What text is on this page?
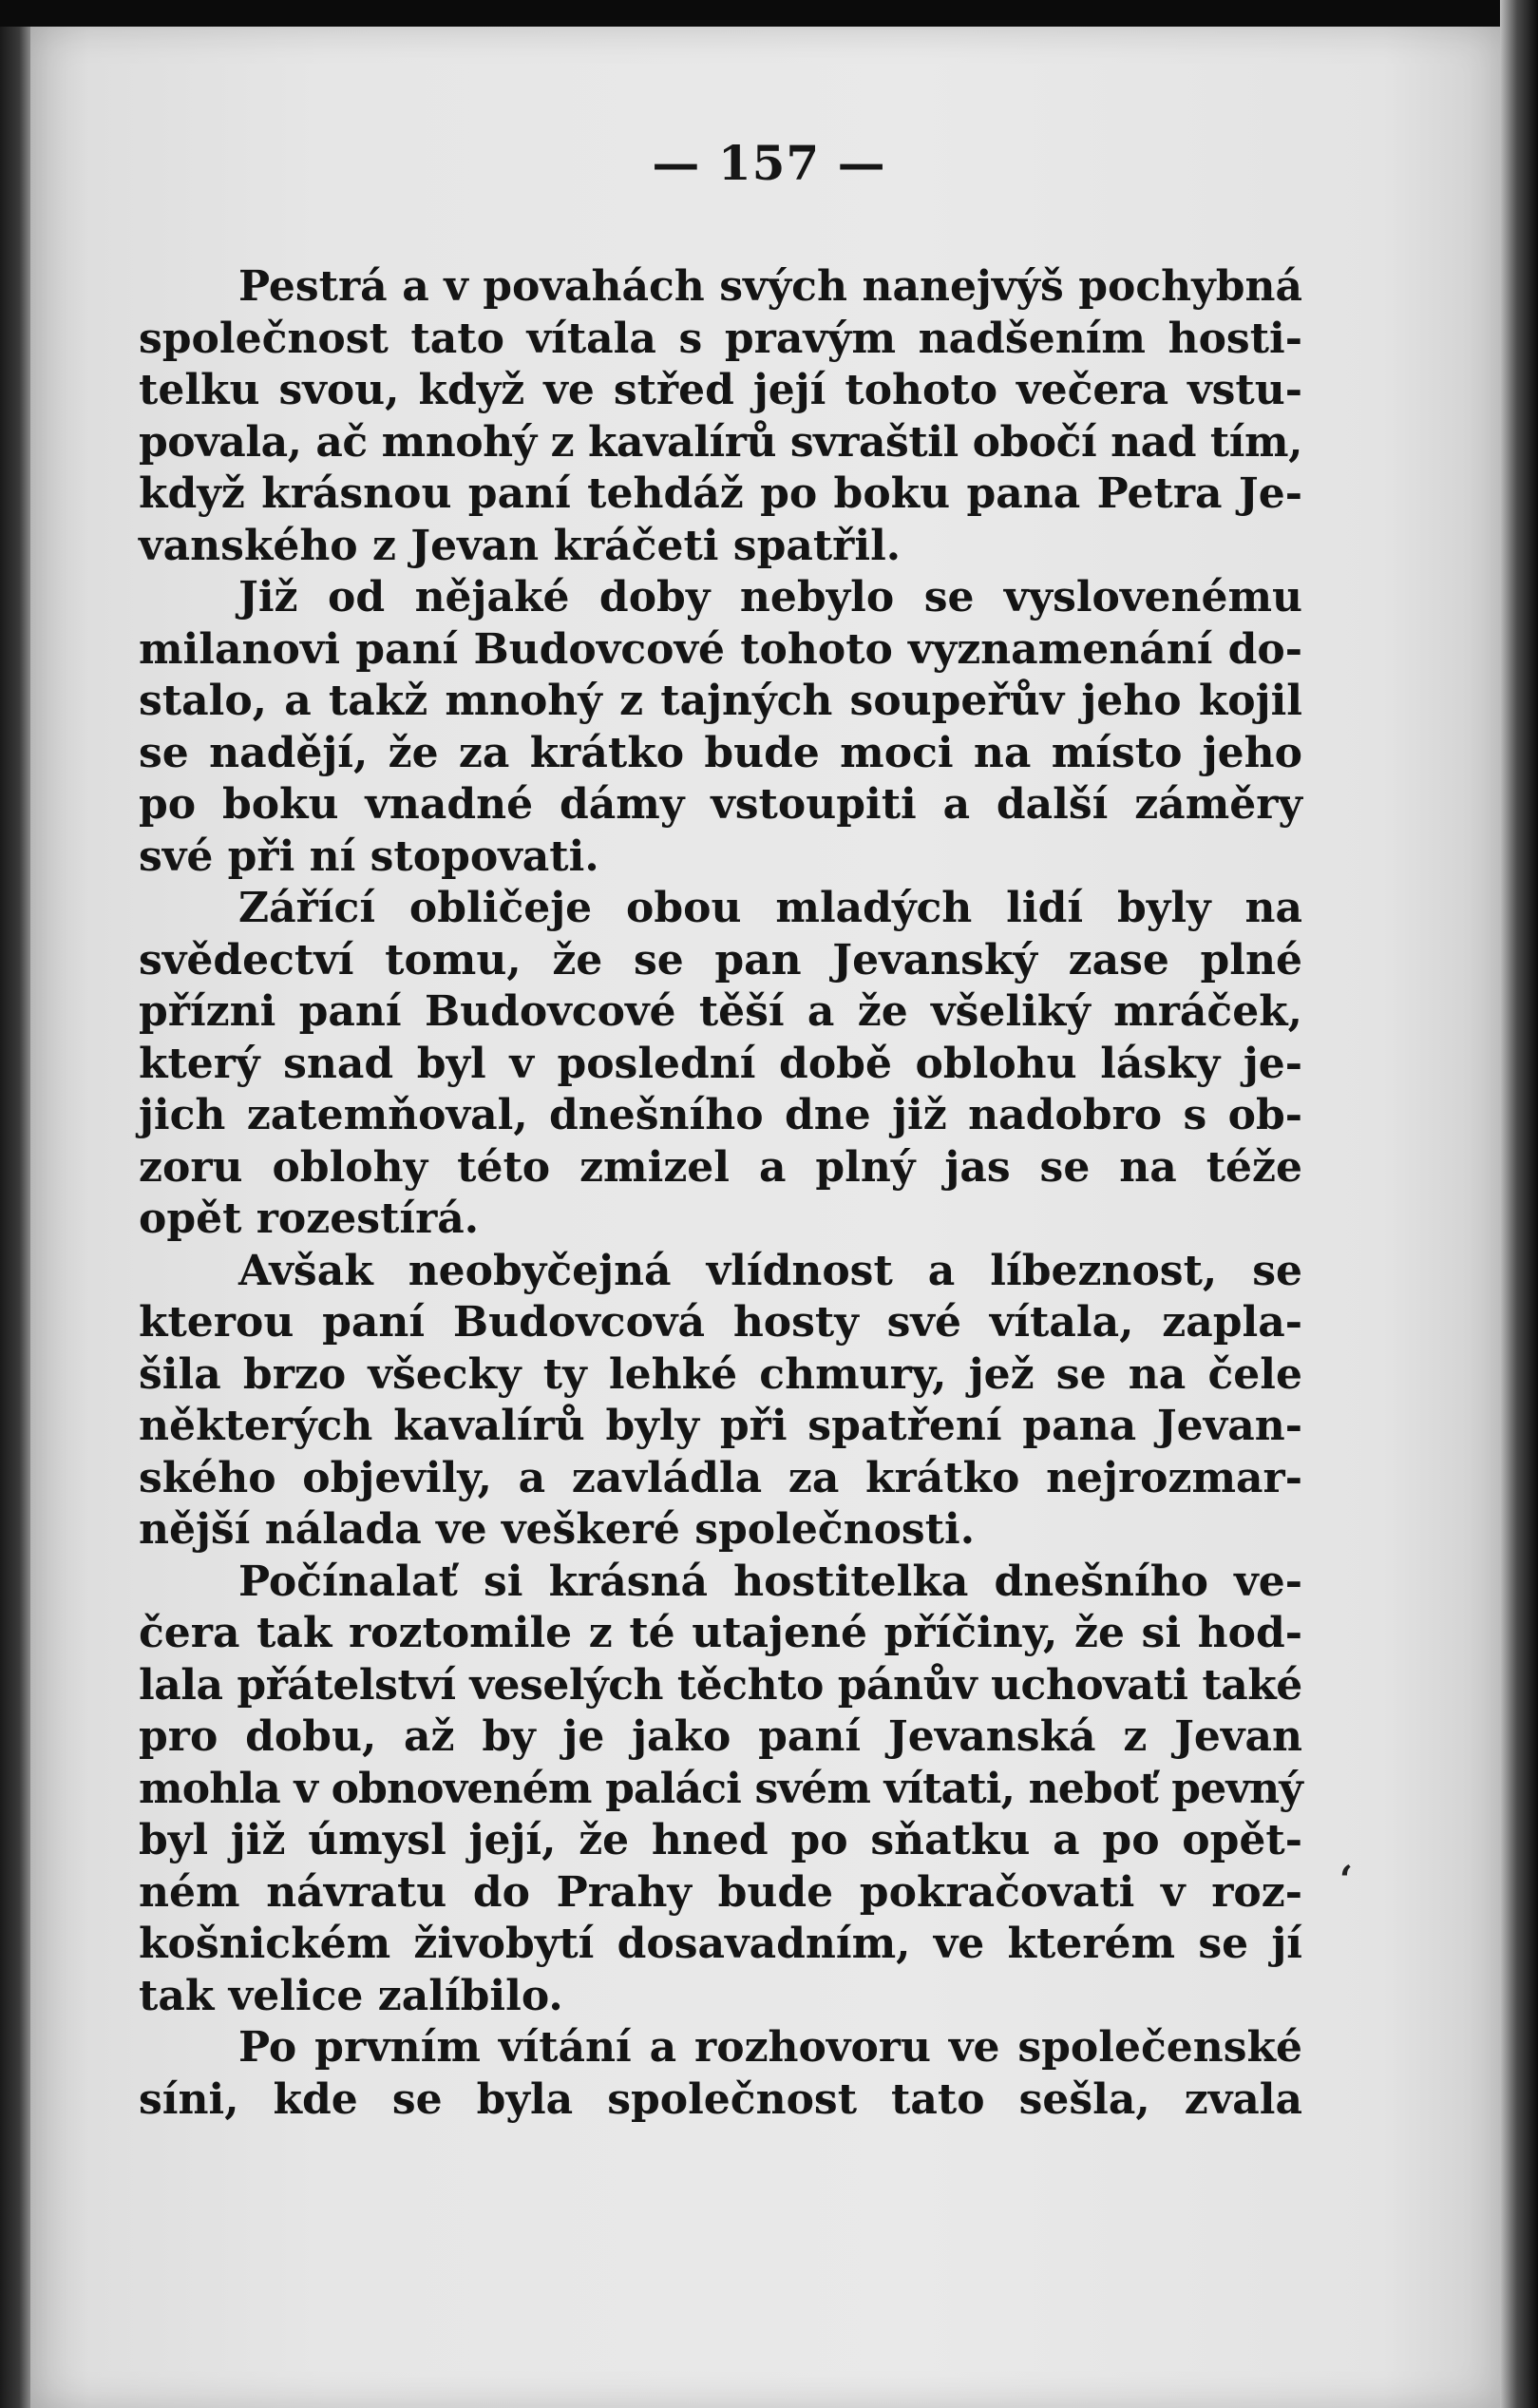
— 157 —
Pestrá a v povahách svých nanejvýš pochybná
společnost tato vítala s pravým nadšením hosti-
telku svou, když ve střed její tohoto večera vstu-
povala, ač mnohý z kavalírů svraštil obočí nad tím,
když krásnou paní tehdáž po boku pana Petra Je-
vanského z Jevan kráčeti spatřil.
Již od nějaké doby nebylo se vyslovenému
milanovi paní Budovcové tohoto vyznamenání do-
stalo, a takž mnohý z tajných soupeřův jeho kojil
se nadějí, že za krátko bude moci na místo jeho
po boku vnadné dámy vstoupiti a další záměry
své při ní stopovati.
Zářící obličeje obou mladých lidí byly na
svědectví tomu, že se pan Jevanský zase plné
přízni paní Budovcové těší a že všeliký mráček,
který snad byl v poslední době oblohu lásky je-
jich zatemňoval, dnešního dne již nadobro s ob-
zoru oblohy této zmizel a plný jas se na téže
opět rozestírá.
Avšak neobyčejná vlídnost a líbeznost, se
kterou paní Budovcová hosty své vítala, zapla-
šila brzo všecky ty lehké chmury, jež se na čele
některých kavalírů byly při spatření pana Jevan-
ského objevily, a zavládla za krátko nejrozmar-
nější nálada ve veškeré společnosti.
Počínalať si krásná hostitelka dnešního ve-
čera tak roztomile z té utajené příčiny, že si hod-
lala přátelství veselých těchto pánův uchovati také
pro dobu, až by je jako paní Jevanská z Jevan
mohla v obnoveném paláci svém vítati, neboť pevný
byl již úmysl její, že hned po sňatku a po opět-
ném návratu do Prahy bude pokračovati v roz-
košnickém živobytí dosavadním, ve kterém se jí
tak velice zalíbilo.
Po prvním vítání a rozhovoru ve společenské
síni, kde se byla společnost tato sešla, zvala
ʻ
